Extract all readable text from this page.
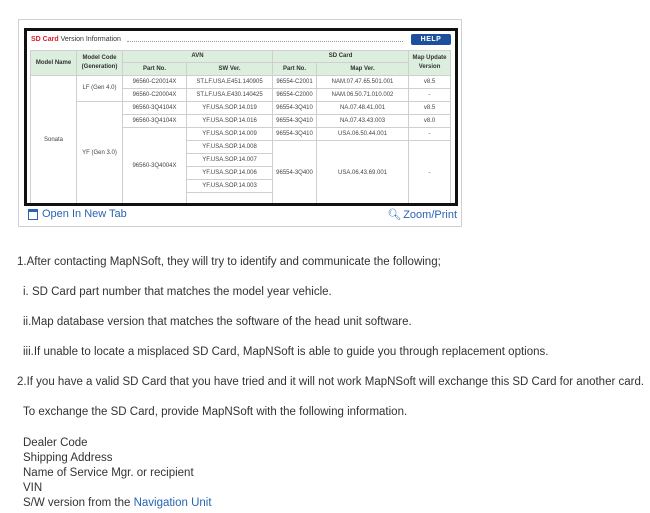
SD Card Version Information	HELP
Model Name	Model Code (Generation)	AVN		SD Card		Map Update Version
		Part No.	SW Ver.	Part No.	Map Ver.	
Sonata	LF (Gen 4.0)	96560-C20014X	ST.LF.USA.E451.140905	96554-C2001	NAM.07.47.65.501.001	v8.5
		96560-C20004X	ST.LF.USA.E430.140425	96554-C2000	NAM.06.50.71.010.002	-
	YF (Gen 3.0)	96560-3Q4104X	YF.USA.SOP.14.019	96554-3Q410	NA.07.48.41.001	v8.5
		96560-3Q4104X	YF.USA.SOP.14.016	96554-3Q410	NA.07.43.43.003	v8.0
		96560-3Q4004X	YF.USA.SOP.14.009	96554-3Q410	USA.06.50.44.001	-
			YF.USA.SOP.14.008	96554-3Q400	USA.06.43.69.001	-
			YF.USA.SOP.14.007			
			YF.USA.SOP.14.006			
			YF.USA.SOP.14.003			

Open In New Tab	🔍︎ Zoom/Print
1.After contacting MapNSoft, they will try to identify and communicate the following;
i. SD Card part number that matches the model year vehicle.
ii.Map database version that matches the software of the head unit software.
iii.If unable to locate a misplaced SD Card, MapNSoft is able to guide you through replacement options.
2.If you have a valid SD Card that you have tried and it will not work MapNSoft will exchange this SD Card for another card.
To exchange the SD Card, provide MapNSoft with the following information.
Dealer Code
Shipping Address
Name of Service Mgr. or recipient
VIN
S/W version from the Navigation Unit
